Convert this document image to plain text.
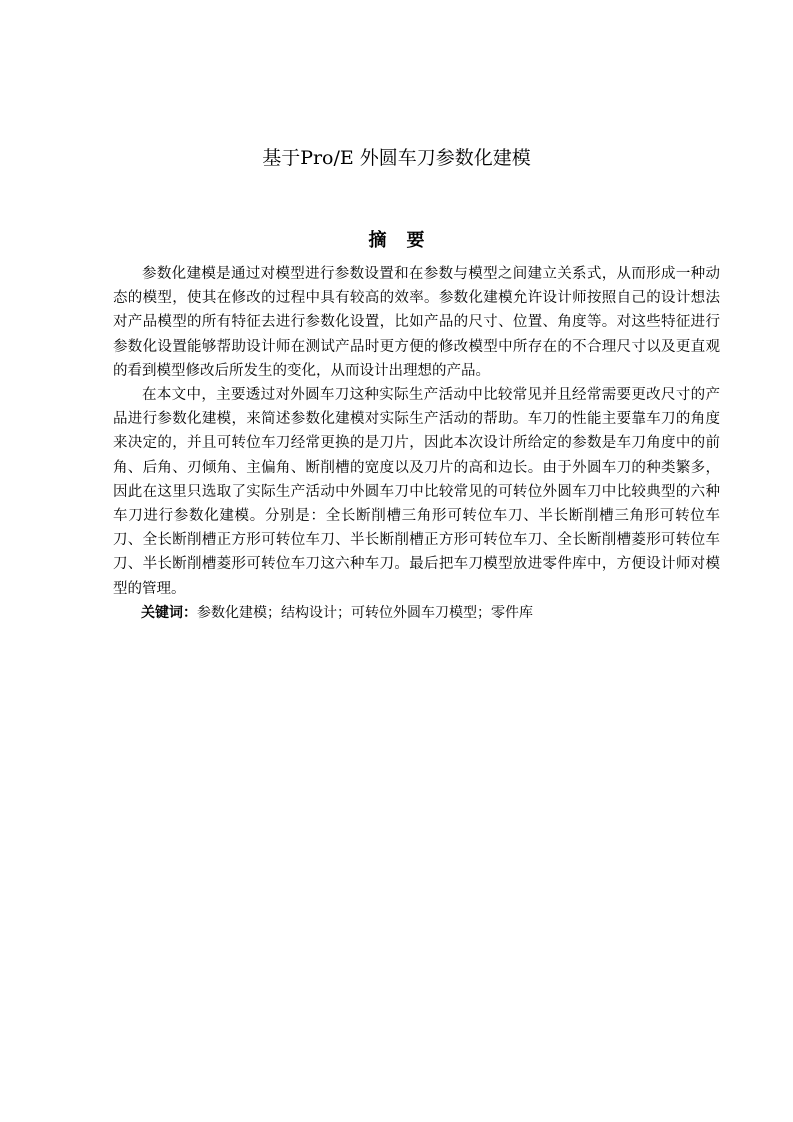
基于Pro/E 外圆车刀参数化建模
摘要

参数化建模是通过对模型进行参数设置和在参数与模型之间建立关系式，从而形成一种动态的模型，使其在修改的过程中具有较高的效率。参数化建模允许设计师按照自己的设计想法对产品模型的所有特征去进行参数化设置，比如产品的尺寸、位置、角度等。对这些特征进行参数化设置能够帮助设计师在测试产品时更方便的修改模型中所存在的不合理尺寸以及更直观的看到模型修改后所发生的变化，从而设计出理想的产品。

在本文中，主要透过对外圆车刀这种实际生产活动中比较常见并且经常需要更改尺寸的产品进行参数化建模，来简述参数化建模对实际生产活动的帮助。车刀的性能主要靠车刀的角度来决定的，并且可转位车刀经常更换的是刀片，因此本次设计所给定的参数是车刀角度中的前角、后角、刃倾角、主偏角、断削槽的宽度以及刀片的高和边长。由于外圆车刀的种类繁多，因此在这里只选取了实际生产活动中外圆车刀中比较常见的可转位外圆车刀中比较典型的六种车刀进行参数化建模。分别是：全长断削槽三角形可转位车刀、半长断削槽三角形可转位车刀、全长断削槽正方形可转位车刀、半长断削槽正方形可转位车刀、全长断削槽菱形可转位车刀、半长断削槽菱形可转位车刀这六种车刀。最后把车刀模型放进零件库中，方便设计师对模型的管理。

关键词：参数化建模；结构设计；可转位外圆车刀模型；零件库
